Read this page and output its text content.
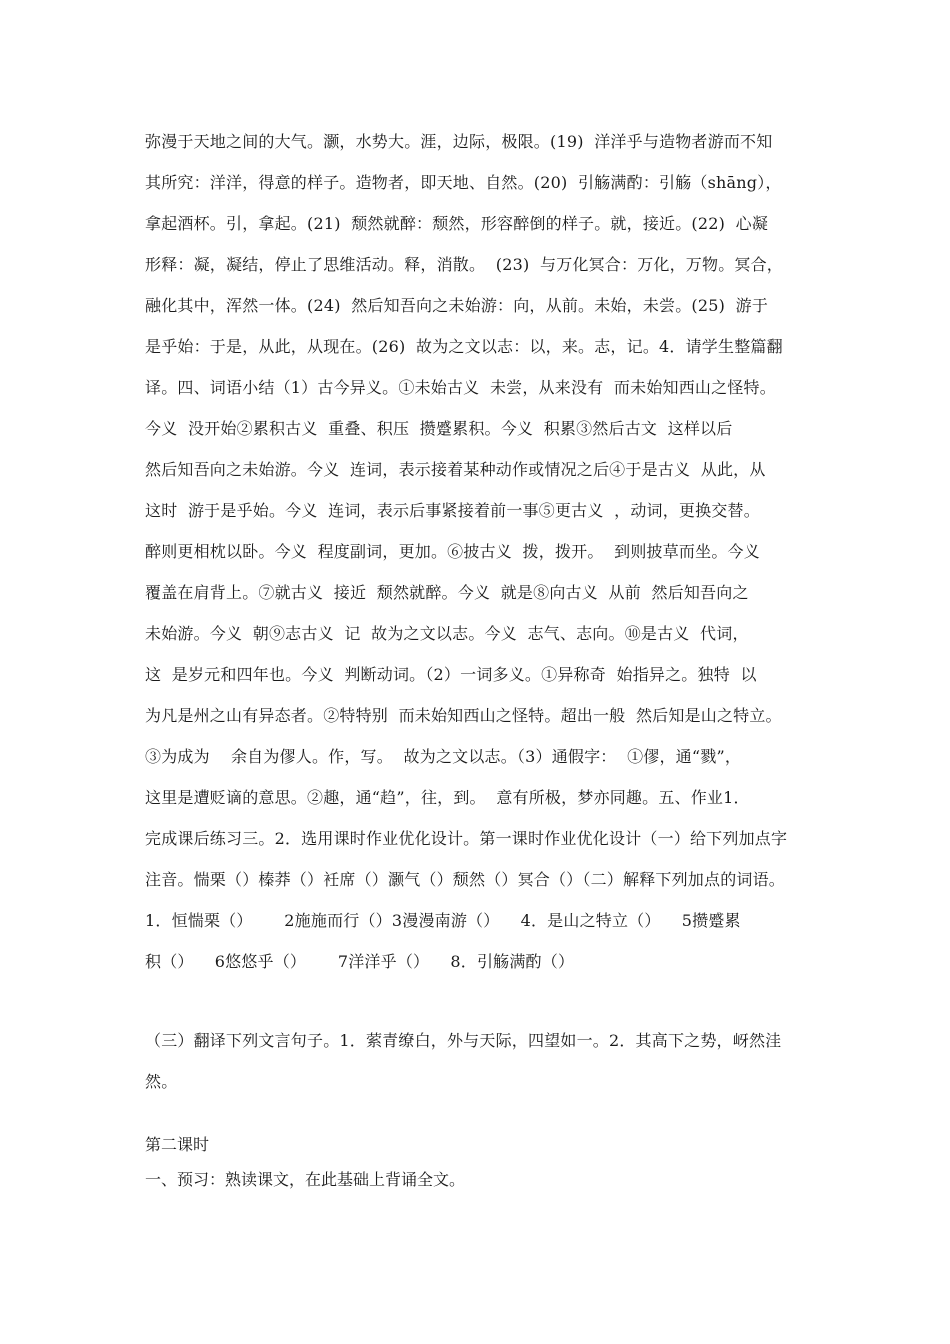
弥漫于天地之间的大气。灏，水势大。涯，边际，极限。(19)  洋洋乎与造物者游而不知
其所究：洋洋，得意的样子。造物者，即天地、自然。(20)  引觞满酌：引觞（shāng），
拿起酒杯。引，拿起。(21)  颓然就醉：颓然，形容醉倒的样子。就，接近。(22)  心凝
形释：凝，凝结，停止了思维活动。释，消散。  (23)  与万化冥合：万化，万物。冥合，
融化其中，浑然一体。(24)  然后知吾向之未始游：向，从前。未始，未尝。(25)  游于
是乎始：于是，从此，从现在。(26)  故为之文以志：以，来。志，记。4．请学生整篇翻
译。四、词语小结（1）古今异义。①未始古义  未尝，从来没有  而未始知西山之怪特。
今义  没开始②累积古义  重叠、积压  攒蹙累积。今义  积累③然后古文  这样以后
然后知吾向之未始游。今义  连词，表示接着某种动作或情况之后④于是古义  从此，从
这时  游于是乎始。今义  连词，表示后事紧接着前一事⑤更古义  ，动词，更换交替。
醉则更相枕以卧。今义  程度副词，更加。⑥披古义  拨，拨开。  到则披草而坐。今义
覆盖在肩背上。⑦就古义  接近  颓然就醉。今义  就是⑧向古义  从前  然后知吾向之
未始游。今义  朝⑨志古义  记  故为之文以志。今义  志气、志向。⑩是古义  代词，
这  是岁元和四年也。今义  判断动词。（2）一词多义。①异称奇  始指异之。独特  以
为凡是州之山有异态者。②特特别  而未始知西山之怪特。超出一般  然后知是山之特立。
③为成为    余自为僇人。作，写。  故为之文以志。（3）通假字：  ①僇，通“戮”，
这里是遭贬谪的意思。②趣，通“趋”，往，到。  意有所极，梦亦同趣。五、作业1．
完成课后练习三。2．选用课时作业优化设计。第一课时作业优化设计（一）给下列加点字
注音。惴栗（）榛莽（）衽席（）灏气（）颓然（）冥合（）（二）解释下列加点的词语。
1．恒惴栗（）      2施施而行（）3漫漫南游（）    4．是山之特立（）    5攒蹙累
积（）    6悠悠乎（）      7洋洋乎（）    8．引觞满酌（）
（三）翻译下列文言句子。1．萦青缭白，外与天际，四望如一。2．其高下之势，岈然洼
然。
第二课时
一、预习：熟读课文，在此基础上背诵全文。
